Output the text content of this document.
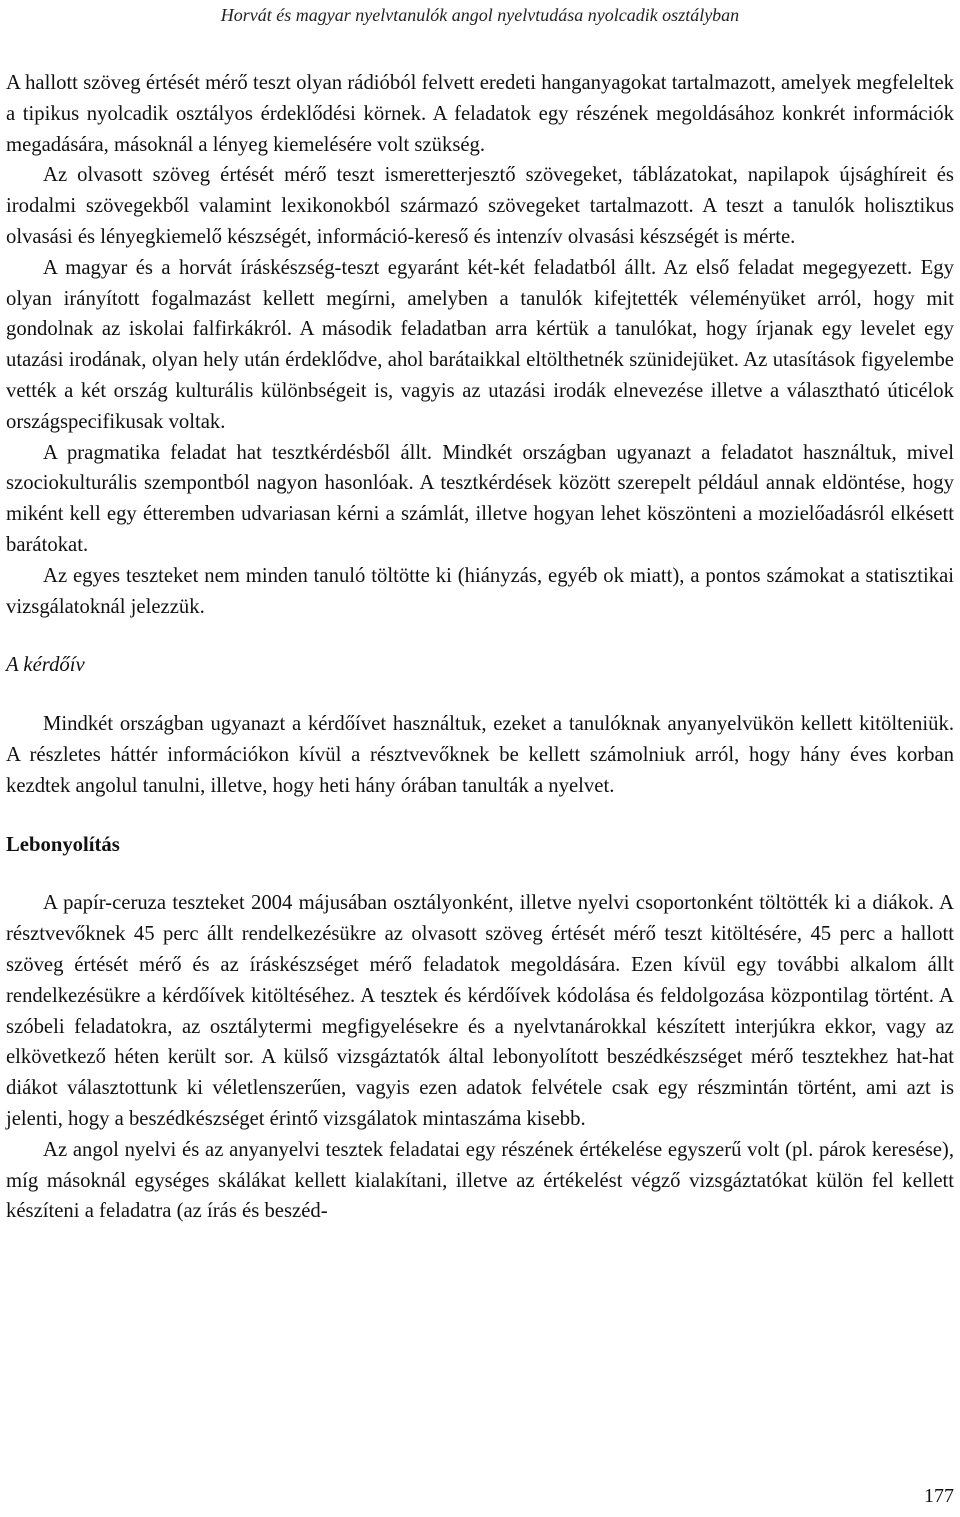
Horvát és magyar nyelvtanulók angol nyelvtudása nyolcadik osztályban

A hallott szöveg értését mérő teszt olyan rádióból felvett eredeti hanganyagokat tartalmazott, amelyek megfeleltek a tipikus nyolcadik osztályos érdeklődési körnek. A feladatok egy részének megoldásához konkrét információk megadására, másoknál a lényeg kiemelésére volt szükség.

Az olvasott szöveg értését mérő teszt ismeretterjesztő szövegeket, táblázatokat, napilapok újsághíreit és irodalmi szövegekből valamint lexikonokból származó szövegeket tartalmazott. A teszt a tanulók holisztikus olvasási és lényegkiemelő készségét, információ-kereső és intenzív olvasási készségét is mérte.

A magyar és a horvát íráskészség-teszt egyaránt két-két feladatból állt. Az első feladat megegyezett. Egy olyan irányított fogalmazást kellett megírni, amelyben a tanulók kifejtették véleményüket arról, hogy mit gondolnak az iskolai falfirkákról. A második feladatban arra kértük a tanulókat, hogy írjanak egy levelet egy utazási irodának, olyan hely után érdeklődve, ahol barátaikkal eltölthetnék szünidejüket. Az utasítások figyelembe vették a két ország kulturális különbségeit is, vagyis az utazási irodák elnevezése illetve a választható úticélok országspecifikusak voltak.

A pragmatika feladat hat tesztkérdésből állt. Mindkét országban ugyanazt a feladatot használtuk, mivel szociokulturális szempontból nagyon hasonlóak. A tesztkérdések között szerepelt például annak eldöntése, hogy miként kell egy étteremben udvariasan kérni a számlát, illetve hogyan lehet köszönteni a mozielőadásról elkésett barátokat.

Az egyes teszteket nem minden tanuló töltötte ki (hiányzás, egyéb ok miatt), a pontos számokat a statisztikai vizsgálatoknál jelezzük.

A kérdőív

Mindkét országban ugyanazt a kérdőívet használtuk, ezeket a tanulóknak anyanyelvükön kellett kitölteniük. A részletes háttér információkon kívül a résztvevőknek be kellett számolniuk arról, hogy hány éves korban kezdtek angolul tanulni, illetve, hogy heti hány órában tanulták a nyelvet.

Lebonyolítás

A papír-ceruza teszteket 2004 májusában osztályonként, illetve nyelvi csoportonként töltötték ki a diákok. A résztvevőknek 45 perc állt rendelkezésükre az olvasott szöveg értését mérő teszt kitöltésére, 45 perc a hallott szöveg értését mérő és az íráskészséget mérő feladatok megoldására. Ezen kívül egy további alkalom állt rendelkezésükre a kérdőívek kitöltéséhez. A tesztek és kérdőívek kódolása és feldolgozása központilag történt. A szóbeli feladatokra, az osztálytermi megfigyelésekre és a nyelvtanárokkal készített interjúkra ekkor, vagy az elkövetkező héten került sor. A külső vizsgáztatók által lebonyolított beszédkészséget mérő tesztekhez hat-hat diákot választottunk ki véletlenszerűen, vagyis ezen adatok felvétele csak egy részmintán történt, ami azt is jelenti, hogy a beszédkészséget érintő vizsgálatok mintaszáma kisebb.

Az angol nyelvi és az anyanyelvi tesztek feladatai egy részének értékelése egyszerű volt (pl. párok keresése), míg másoknál egységes skálákat kellett kialakítani, illetve az értékelést végző vizsgáztatókat külön fel kellett készíteni a feladatra (az írás és beszéd-

177
